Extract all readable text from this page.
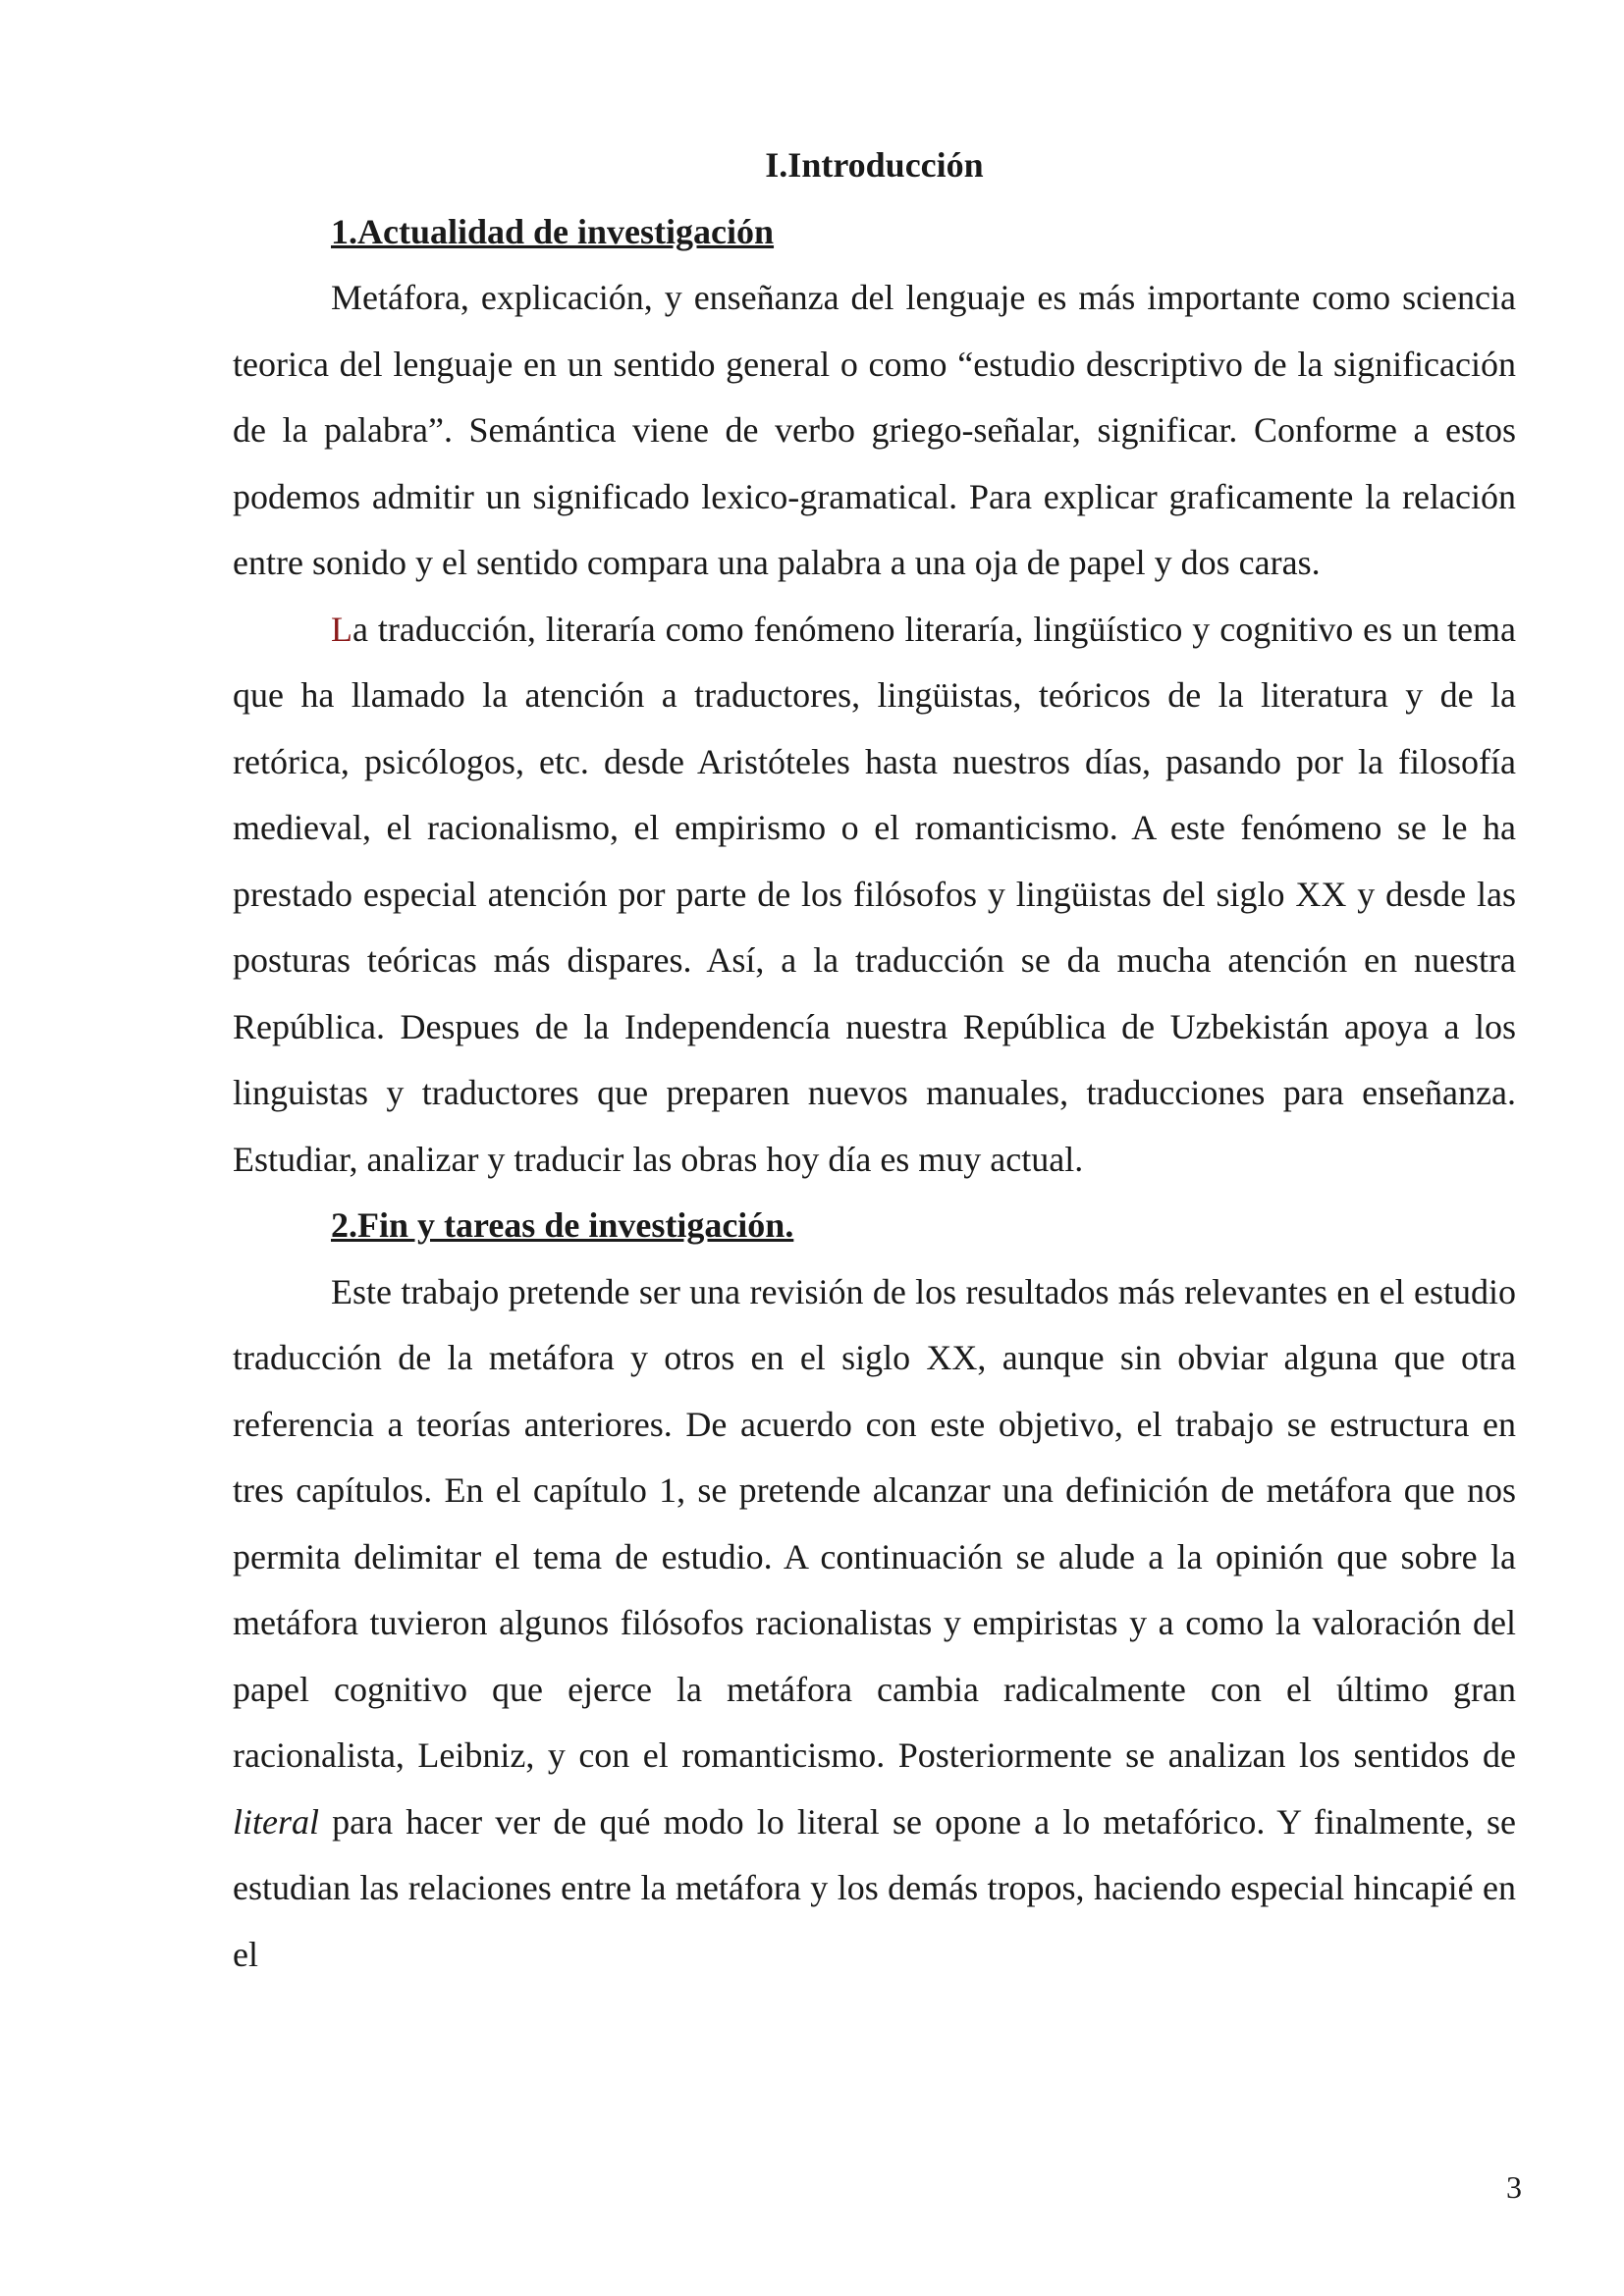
I.Introducción
1.Actualidad de investigación

Metáfora, explicación, y enseñanza del lenguaje es más importante como sciencia teorica del lenguaje en un sentido general o como “estudio descriptivo de la significación de la palabra”. Semántica viene de verbo griego-señalar, significar. Conforme a estos podemos admitir un significado lexico-gramatical. Para explicar graficamente la relación entre sonido y el sentido compara una palabra a una oja de papel y dos caras.

La traducción, literaría como fenómeno literaría, lingüístico y cognitivo es un tema que ha llamado la atención a traductores, lingüistas, teóricos de la literatura y de la retórica, psicólogos, etc. desde Aristóteles hasta nuestros días, pasando por la filosofía medieval, el racionalismo, el empirismo o el romanticismo. A este fenómeno se le ha prestado especial atención por parte de los filósofos y lingüistas del siglo XX y desde las posturas teóricas más dispares. Así, a la traducción se da mucha atención en nuestra República. Despues de la Independencía nuestra República de Uzbekistán apoya a los linguistas y traductores que preparen nuevos manuales, traducciones para enseñanza. Estudiar, analizar y traducir las obras hoy día es muy actual.

2.Fin y tareas de investigación.

Este trabajo pretende ser una revisión de los resultados más relevantes en el estudio traducción de la metáfora y otros en el siglo XX, aunque sin obviar alguna que otra referencia a teorías anteriores. De acuerdo con este objetivo, el trabajo se estructura en tres capítulos. En el capítulo 1, se pretende alcanzar una definición de metáfora que nos permita delimitar el tema de estudio. A continuación se alude a la opinión que sobre la metáfora tuvieron algunos filósofos racionalistas y empiristas y a como la valoración del papel cognitivo que ejerce la metáfora cambia radicalmente con el último gran racionalista, Leibniz, y con el romanticismo. Posteriormente se analizan los sentidos de literal para hacer ver de qué modo lo literal se opone a lo metafórico. Y finalmente, se estudian las relaciones entre la metáfora y los demás tropos, haciendo especial hincapié en el

3
